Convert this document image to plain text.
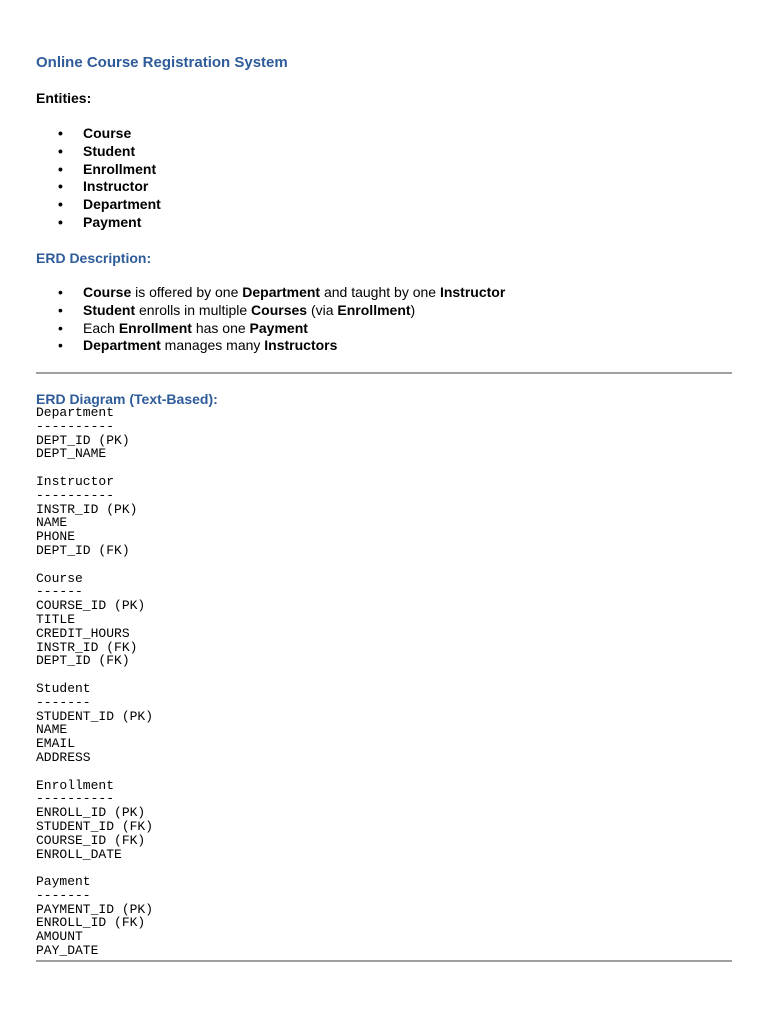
Online Course Registration System
Entities:
• Course
• Student
• Enrollment
• Instructor
• Department
• Payment
ERD Description:
• Course is offered by one Department and taught by one Instructor
• Student enrolls in multiple Courses (via Enrollment)
• Each Enrollment has one Payment
• Department manages many Instructors
ERD Diagram (Text-Based):
Department
----------
DEPT_ID (PK)
DEPT_NAME
Instructor
----------
INSTR_ID (PK)
NAME
PHONE
DEPT_ID (FK)
Course
------
COURSE_ID (PK)
TITLE
CREDIT_HOURS
INSTR_ID (FK)
DEPT_ID (FK)
Student
-------
STUDENT_ID (PK)
NAME
EMAIL
ADDRESS
Enrollment
----------
ENROLL_ID (PK)
STUDENT_ID (FK)
COURSE_ID (FK)
ENROLL_DATE
Payment
-------
PAYMENT_ID (PK)
ENROLL_ID (FK)
AMOUNT
PAY_DATE
